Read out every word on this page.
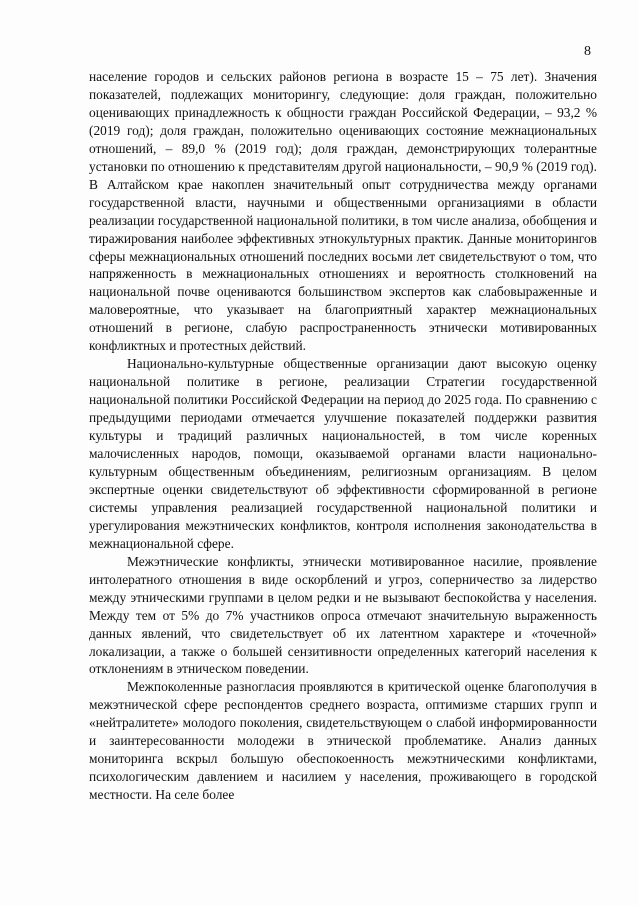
8

население городов и сельских районов региона в возрасте 15 – 75 лет). Значения показателей, подлежащих мониторингу, следующие: доля граждан, положительно оценивающих принадлежность к общности граждан Российской Федерации, – 93,2 % (2019 год); доля граждан, положительно оценивающих состояние межнациональных отношений, – 89,0 % (2019 год); доля граждан, демонстрирующих толерантные установки по отношению к представителям другой национальности, – 90,9 % (2019 год). В Алтайском крае накоплен значительный опыт сотрудничества между органами государственной власти, научными и общественными организациями в области реализации государственной национальной политики, в том числе анализа, обобщения и тиражирования наиболее эффективных этнокультурных практик. Данные мониторингов сферы межнациональных отношений последних восьми лет свидетельствуют о том, что напряженность в межнациональных отношениях и вероятность столкновений на национальной почве оцениваются большинством экспертов как слабовыраженные и маловероятные, что указывает на благоприятный характер межнациональных отношений в регионе, слабую распространенность этнически мотивированных конфликтных и протестных действий.

Национально-культурные общественные организации дают высокую оценку национальной политике в регионе, реализации Стратегии государственной национальной политики Российской Федерации на период до 2025 года. По сравнению с предыдущими периодами отмечается улучшение показателей поддержки развития культуры и традиций различных национальностей, в том числе коренных малочисленных народов, помощи, оказываемой органами власти национально-культурным общественным объединениям, религиозным организациям. В целом экспертные оценки свидетельствуют об эффективности сформированной в регионе системы управления реализацией государственной национальной политики и урегулирования межэтнических конфликтов, контроля исполнения законодательства в межнациональной сфере.

Межэтнические конфликты, этнически мотивированное насилие, проявление интолератного отношения в виде оскорблений и угроз, соперничество за лидерство между этническими группами в целом редки и не вызывают беспокойства у населения. Между тем от 5% до 7% участников опроса отмечают значительную выраженность данных явлений, что свидетельствует об их латентном характере и «точечной» локализации, а также о большей сензитивности определенных категорий населения к отклонениям в этническом поведении.

Межпоколенные разногласия проявляются в критической оценке благополучия в межэтнической сфере респондентов среднего возраста, оптимизме старших групп и «нейтралитете» молодого поколения, свидетельствующем о слабой информированности и заинтересованности молодежи в этнической проблематике. Анализ данных мониторинга вскрыл большую обеспокоенность межэтническими конфликтами, психологическим давлением и насилием у населения, проживающего в городской местности. На селе более
